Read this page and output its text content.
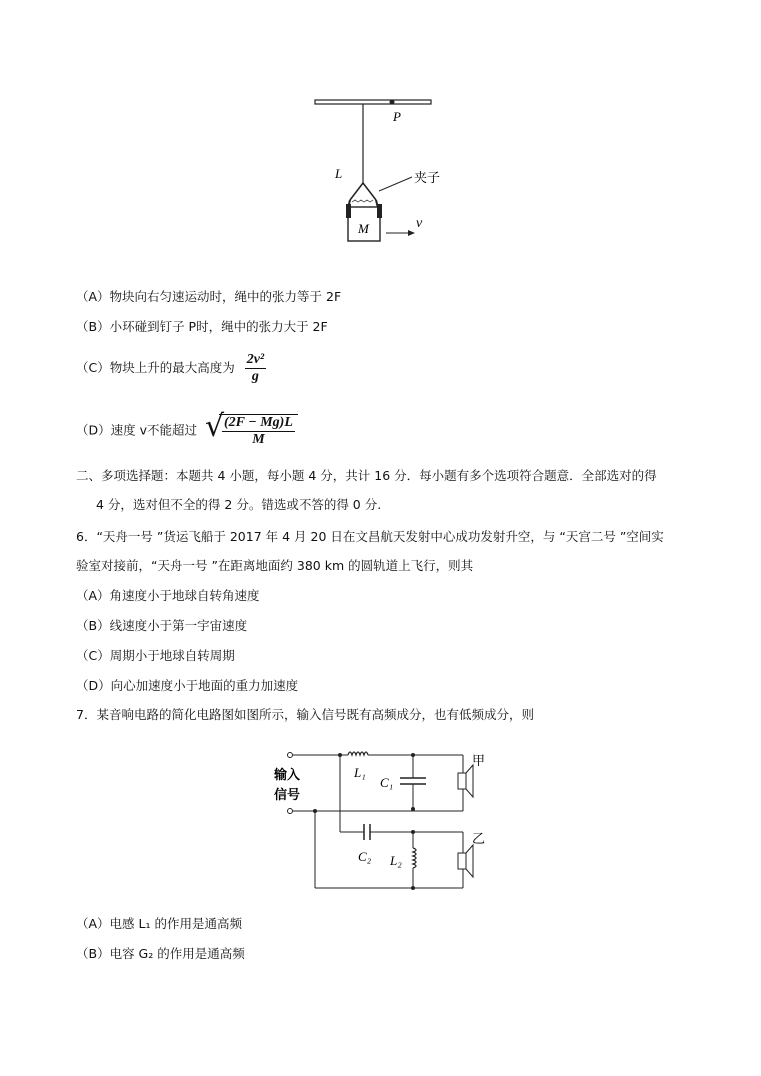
P
L	夹子
M	v
（A）物块向右匀速运动时，绳中的张力等于 2F
（B）小环碰到钉子 P时，绳中的张力大于 2F
（C）物块上升的最大高度为 $\frac{\text{2v²}}{g}$
（D）速度 v不能超过 √
$\frac{(2F - Mg)L}{M}$
二、多项选择题：本题共 4 小题，每小题 4 分，共计 16 分．每小题有多个选项符合题意．全部选对的得
4 分，选对但不全的得 2 分。错选或不答的得 0 分.
6．“天舟一号 ”货运飞船于 2017 年 4 月 20 日在文昌航天发射中心成功发射升空，与 “天宫二号 ”空间实
验室对接前，“天舟一号 ”在距离地面约 380 km 的圆轨道上飞行，则其
（A）角速度小于地球自转角速度
（B）线速度小于第一宇宙速度
（C）周期小于地球自转周期
（D）向心加速度小于地面的重力加速度
7．某音响电路的简化电路图如图所示，输入信号既有高频成分，也有低频成分，则
输入
信号
L₁
C₁
C₂ L₂
甲
乙
（A）电感 L₁ 的作用是通高频
（B）电容 G₂ 的作用是通高频
